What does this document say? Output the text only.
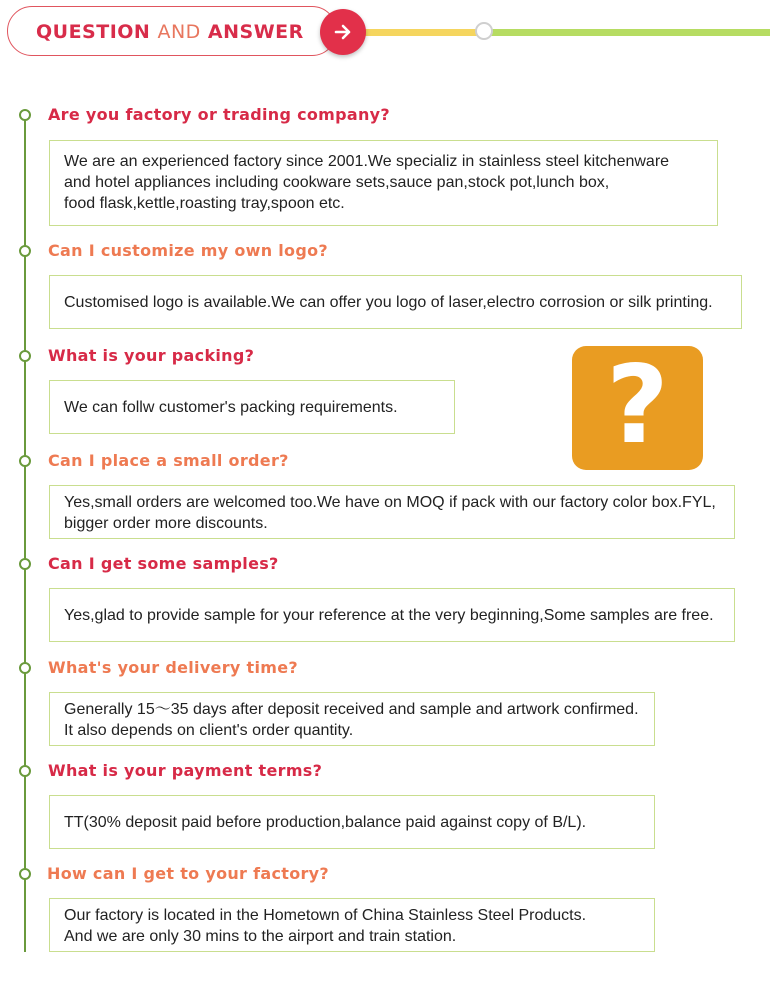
QUESTION AND ANSWER
Are you factory or trading company?
We are an experienced factory since 2001.We specializ in stainless steel kitchenware
and hotel appliances including cookware sets,sauce pan,stock pot,lunch box,
food flask,kettle,roasting tray,spoon etc.
Can I customize my own logo?
Customised logo is available.We can offer you logo of laser,electro corrosion or silk printing.
What is your packing?
We can follw customer's packing requirements.	?
Can I place a small order?
Yes,small orders are welcomed too.We have on MOQ if pack with our factory color box.FYL,
bigger order more discounts.
Can I get some samples?
Yes,glad to provide sample for your reference at the very beginning,Some samples are free.
What's your delivery time?
Generally 15～35 days after deposit received and sample and artwork confirmed.
It also depends on client's order quantity.
What is your payment terms?
TT(30% deposit paid before production,balance paid against copy of B/L).
How can I get to your factory?
Our factory is located in the Hometown of China Stainless Steel Products.
And we are only 30 mins to the airport and train station.
